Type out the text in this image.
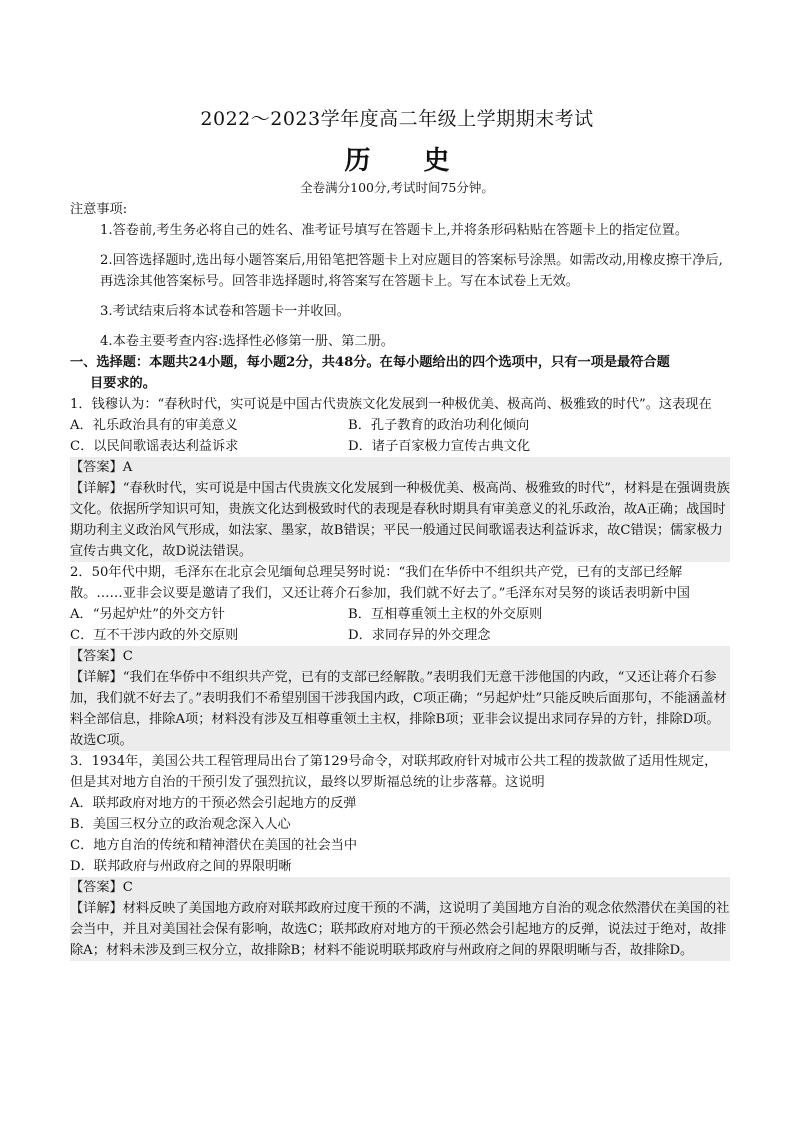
2022～2023学年度高二年级上学期期末考试
历 史
全卷满分100分,考试时间75分钟。

注意事项:

1.答卷前,考生务必将自己的姓名、准考证号填写在答题卡上,并将条形码粘贴在答题卡上的指定位置。

2.回答选择题时,选出每小题答案后,用铅笔把答题卡上对应题目的答案标号涂黑。如需改动,用橡皮擦干净后,再选涂其他答案标号。回答非选择题时,将答案写在答题卡上。写在本试卷上无效。

3.考试结束后将本试卷和答题卡一并收回。

4.本卷主要考查内容:选择性必修第一册、第二册。

一、选择题：本题共24小题，每小题2分，共48分。在每小题给出的四个选项中，只有一项是最符合题
目要求的。

1．钱穆认为：“春秋时代，实可说是中国古代贵族文化发展到一种极优美、极高尚、极雅致的时代”。这表现在

A．礼乐政治具有的审美意义	B．孔子教育的政治功利化倾向
C．以民间歌谣表达利益诉求	D．诸子百家极力宣传古典文化

【答案】A

【详解】“春秋时代，实可说是中国古代贵族文化发展到一种极优美、极高尚、极雅致的时代”，材料是在强调贵族文化。依据所学知识可知，贵族文化达到极致时代的表现是春秋时期具有审美意义的礼乐政治，故A正确；战国时期功利主义政治风气形成，如法家、墨家，故B错误；平民一般通过民间歌谣表达利益诉求，故C错误；儒家极力宣传古典文化，故D说法错误。

2．50年代中期，毛泽东在北京会见缅甸总理吴努时说：“我们在华侨中不组织共产党，已有的支部已经解散。……亚非会议要是邀请了我们，又还让蒋介石参加，我们就不好去了。”毛泽东对吴努的谈话表明新中国

A．“另起炉灶”的外交方针	B．互相尊重领土主权的外交原则
C．互不干涉内政的外交原则	D．求同存异的外交理念

【答案】C

【详解】“我们在华侨中不组织共产党，已有的支部已经解散。”表明我们无意干涉他国的内政，“又还让蒋介石参加，我们就不好去了。”表明我们不希望别国干涉我国内政，C项正确；“另起炉灶”只能反映后面那句，不能涵盖材料全部信息，排除A项；材料没有涉及互相尊重领土主权，排除B项；亚非会议提出求同存异的方针，排除D项。故选C项。

3．1934年，美国公共工程管理局出台了第129号命令，对联邦政府针对城市公共工程的拨款做了适用性规定，但是其对地方自治的干预引发了强烈抗议，最终以罗斯福总统的让步落幕。这说明

A．联邦政府对地方的干预必然会引起地方的反弹

B．美国三权分立的政治观念深入人心

C．地方自治的传统和精神潜伏在美国的社会当中

D．联邦政府与州政府之间的界限明晰

【答案】C

【详解】材料反映了美国地方政府对联邦政府过度干预的不满，这说明了美国地方自治的观念依然潜伏在美国的社会当中，并且对美国社会保有影响，故选C；联邦政府对地方的干预必然会引起地方的反弹，说法过于绝对，故排除A；材料未涉及到三权分立，故排除B；材料不能说明联邦政府与州政府之间的界限明晰与否，故排除D。
